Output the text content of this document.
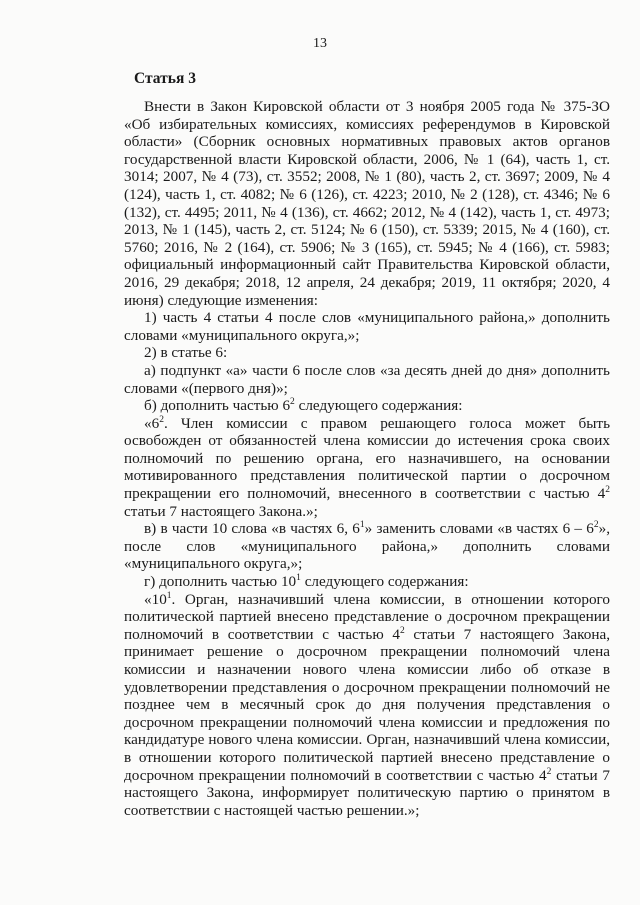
13
Статья 3

Внести в Закон Кировской области от 3 ноября 2005 года № 375-ЗО «Об избирательных комиссиях, комиссиях референдумов в Кировской области» (Сборник основных нормативных правовых актов органов государственной власти Кировской области, 2006, № 1 (64), часть 1, ст. 3014; 2007, № 4 (73), ст. 3552; 2008, № 1 (80), часть 2, ст. 3697; 2009, № 4 (124), часть 1, ст. 4082; № 6 (126), ст. 4223; 2010, № 2 (128), ст. 4346; № 6 (132), ст. 4495; 2011, № 4 (136), ст. 4662; 2012, № 4 (142), часть 1, ст. 4973; 2013, № 1 (145), часть 2, ст. 5124; № 6 (150), ст. 5339; 2015, № 4 (160), ст. 5760; 2016, № 2 (164), ст. 5906; № 3 (165), ст. 5945; № 4 (166), ст. 5983; официальный информационный сайт Правительства Кировской области, 2016, 29 декабря; 2018, 12 апреля, 24 декабря; 2019, 11 октября; 2020, 4 июня) следующие изменения:

1) часть 4 статьи 4 после слов «муниципального района,» дополнить словами «муниципального округа,»;

2) в статье 6:

а) подпункт «а» части 6 после слов «за десять дней до дня» дополнить словами «(первого дня)»;

б) дополнить частью $6^2$ следующего содержания:

«$6^2$. Член комиссии с правом решающего голоса может быть освобожден от обязанностей члена комиссии до истечения срока своих полномочий по решению органа, его назначившего, на основании мотивированного представления политической партии о досрочном прекращении его полномочий, внесенного в соответствии с частью $4^2$ статьи 7 настоящего Закона.»;

в) в части 10 слова «в частях 6, $6^1$» заменить словами «в частях $6 - 6^2$», после слов «муниципального района,» дополнить словами «муниципального округа,»;

г) дополнить частью $10^1$ следующего содержания:

«$10^1$. Орган, назначивший члена комиссии, в отношении которого политической партией внесено представление о досрочном прекращении полномочий в соответствии с частью $4^2$ статьи 7 настоящего Закона, принимает решение о досрочном прекращении полномочий члена комиссии и назначении нового члена комиссии либо об отказе в удовлетворении представления о досрочном прекращении полномочий не позднее чем в месячный срок до дня получения представления о досрочном прекращении полномочий члена комиссии и предложения по кандидатуре нового члена комиссии. Орган, назначивший члена комиссии, в отношении которого политической партией внесено представление о досрочном прекращении полномочий в соответствии с частью $4^2$ статьи 7 настоящего Закона, информирует политическую партию о принятом в соответствии с настоящей частью решении.»;
